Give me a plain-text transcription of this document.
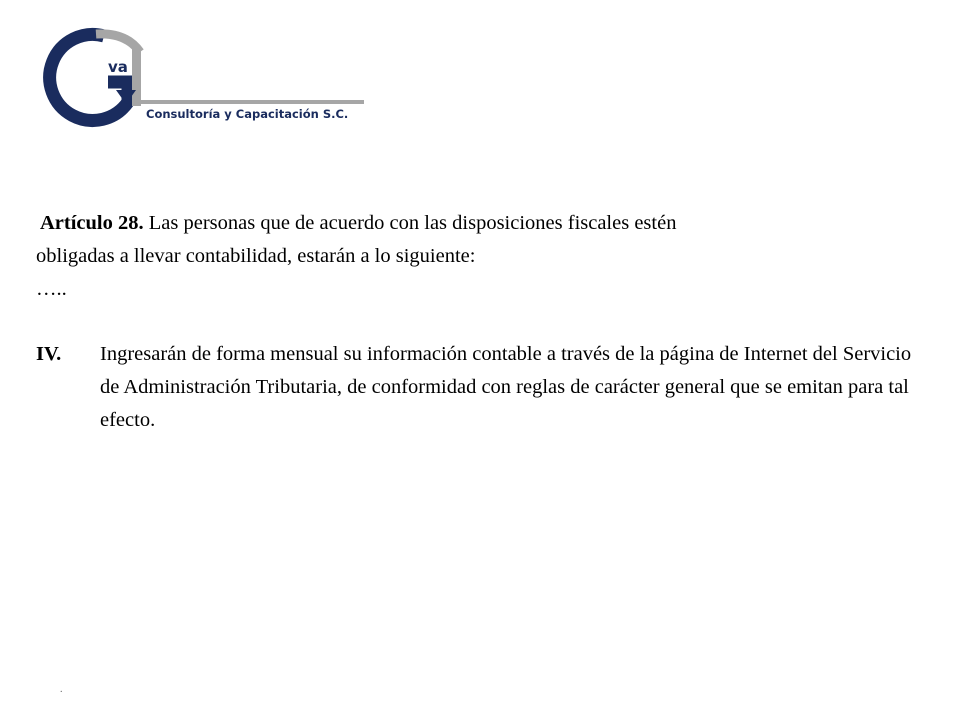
va
Consultoría y Capacitación S.C.

Artículo 28. Las personas que de acuerdo con las disposiciones fiscales estén

obligadas a llevar contabilidad, estarán a lo siguiente:

…..

IV. Ingresarán de forma mensual su información contable a través de la página de Internet del Servicio de Administración Tributaria, de conformidad con reglas de carácter general que se emitan para tal efecto.
.
